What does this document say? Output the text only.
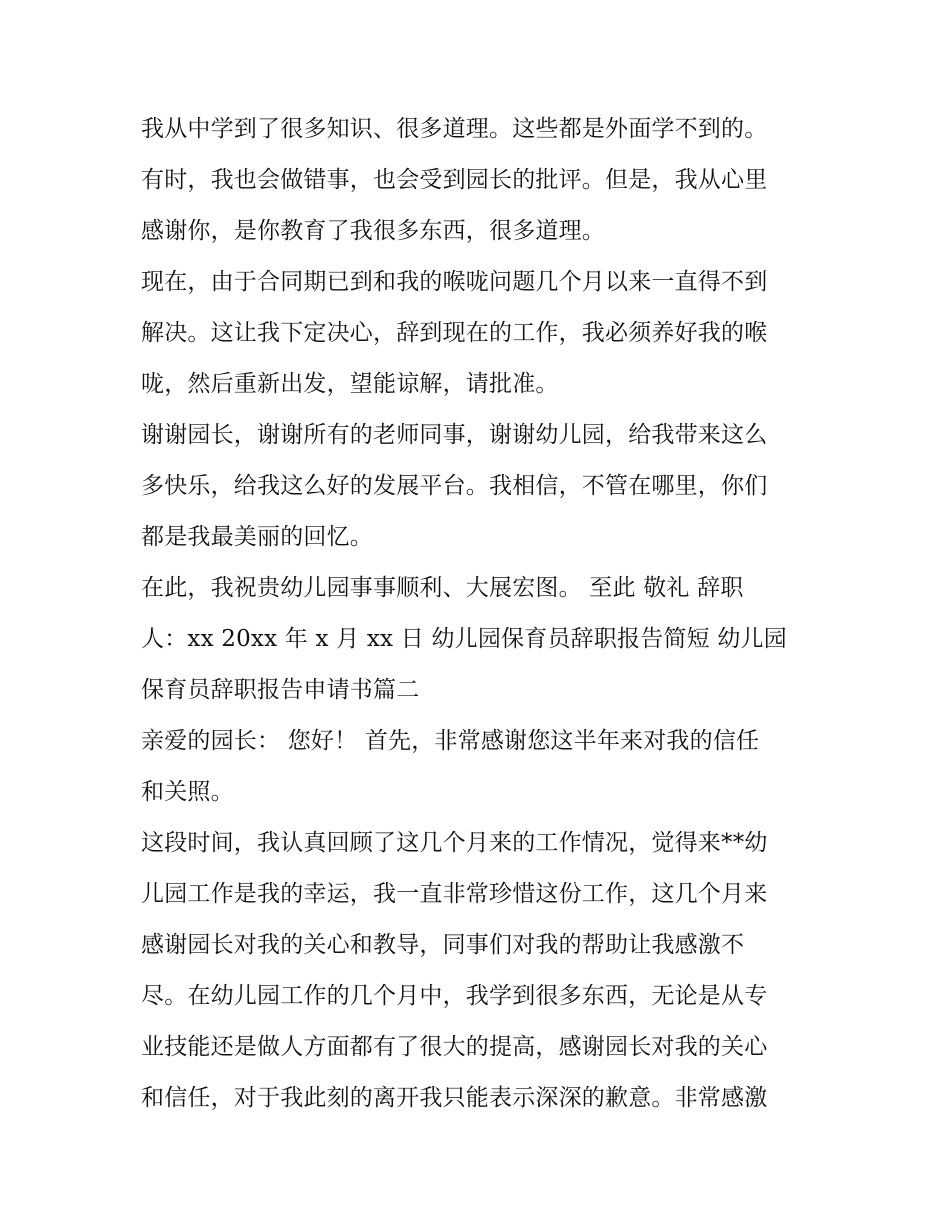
我从中学到了很多知识、很多道理。这些都是外面学不到的。
有时，我也会做错事，也会受到园长的批评。但是，我从心里
感谢你，是你教育了我很多东西，很多道理。
现在，由于合同期已到和我的喉咙问题几个月以来一直得不到
解决。这让我下定决心，辞到现在的工作，我必须养好我的喉
咙，然后重新出发，望能谅解，请批准。
谢谢园长，谢谢所有的老师同事，谢谢幼儿园，给我带来这么
多快乐，给我这么好的发展平台。我相信，不管在哪里，你们
都是我最美丽的回忆。
在此，我祝贵幼儿园事事顺利、大展宏图。 至此 敬礼 辞职
人：xx 20xx 年 x 月 xx 日 幼儿园保育员辞职报告简短 幼儿园
保育员辞职报告申请书篇二
亲爱的园长： 您好！ 首先，非常感谢您这半年来对我的信任
和关照。
这段时间，我认真回顾了这几个月来的工作情况，觉得来**幼
儿园工作是我的幸运，我一直非常珍惜这份工作，这几个月来
感谢园长对我的关心和教导，同事们对我的帮助让我感激不
尽。在幼儿园工作的几个月中，我学到很多东西，无论是从专
业技能还是做人方面都有了很大的提高，感谢园长对我的关心
和信任，对于我此刻的离开我只能表示深深的歉意。非常感激
